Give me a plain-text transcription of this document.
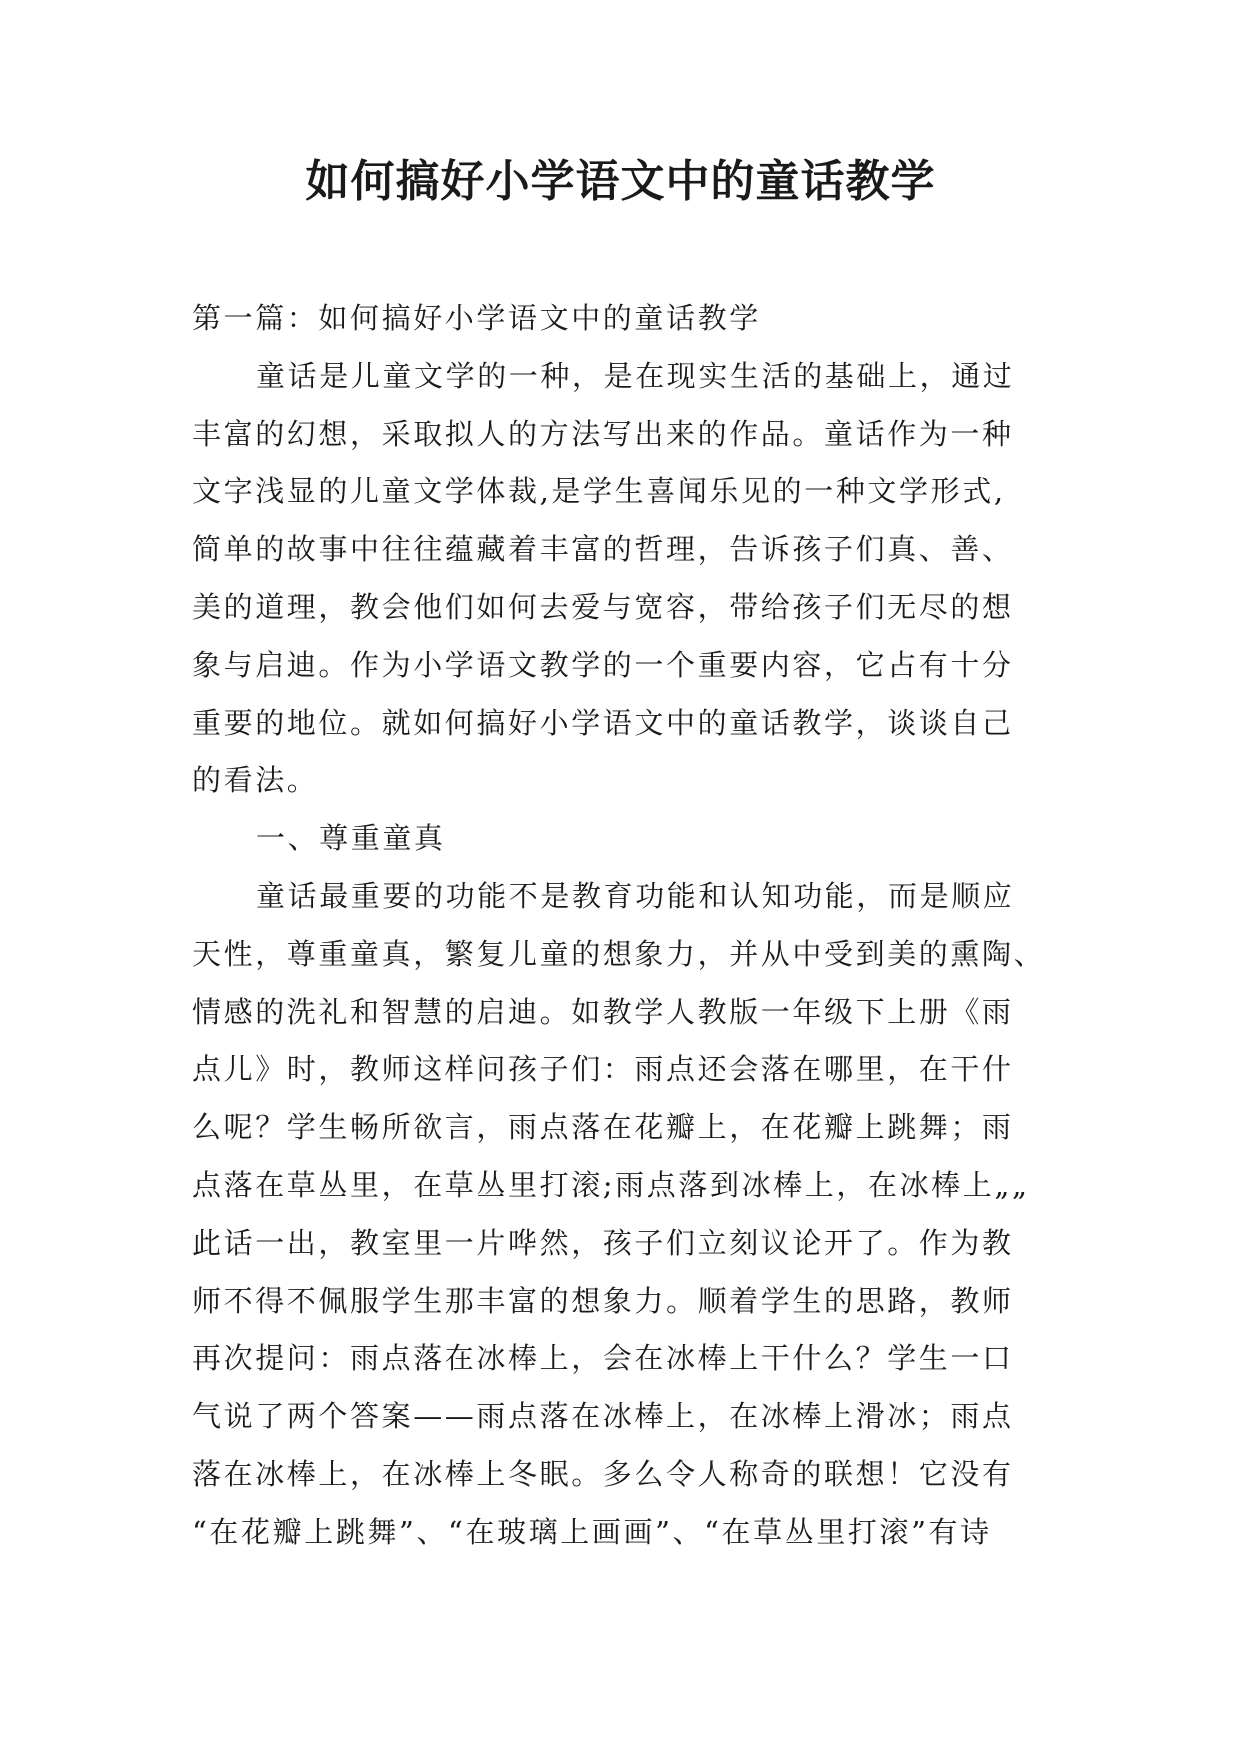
如何搞好小学语文中的童话教学

第一篇：如何搞好小学语文中的童话教学

童话是儿童文学的一种，是在现实生活的基础上，通过

丰富的幻想，采取拟人的方法写出来的作品。童话作为一种

文字浅显的儿童文学体裁,是学生喜闻乐见的一种文学形式,

简单的故事中往往蕴藏着丰富的哲理，告诉孩子们真、善、

美的道理，教会他们如何去爱与宽容，带给孩子们无尽的想

象与启迪。作为小学语文教学的一个重要内容，它占有十分

重要的地位。就如何搞好小学语文中的童话教学，谈谈自己

的看法。

一、尊重童真

童话最重要的功能不是教育功能和认知功能，而是顺应

天性，尊重童真，繁复儿童的想象力，并从中受到美的熏陶、

情感的洗礼和智慧的启迪。如教学人教版一年级下上册《雨

点儿》时，教师这样问孩子们：雨点还会落在哪里，在干什

么呢？学生畅所欲言，雨点落在花瓣上，在花瓣上跳舞；雨

点落在草丛里，在草丛里打滚;雨点落到冰棒上，在冰棒上„„

此话一出，教室里一片哗然，孩子们立刻议论开了。作为教

师不得不佩服学生那丰富的想象力。顺着学生的思路，教师

再次提问：雨点落在冰棒上，会在冰棒上干什么？学生一口

气说了两个答案——雨点落在冰棒上，在冰棒上滑冰；雨点

落在冰棒上，在冰棒上冬眠。多么令人称奇的联想！它没有

“在花瓣上跳舞”、“在玻璃上画画”、“在草丛里打滚”有诗
